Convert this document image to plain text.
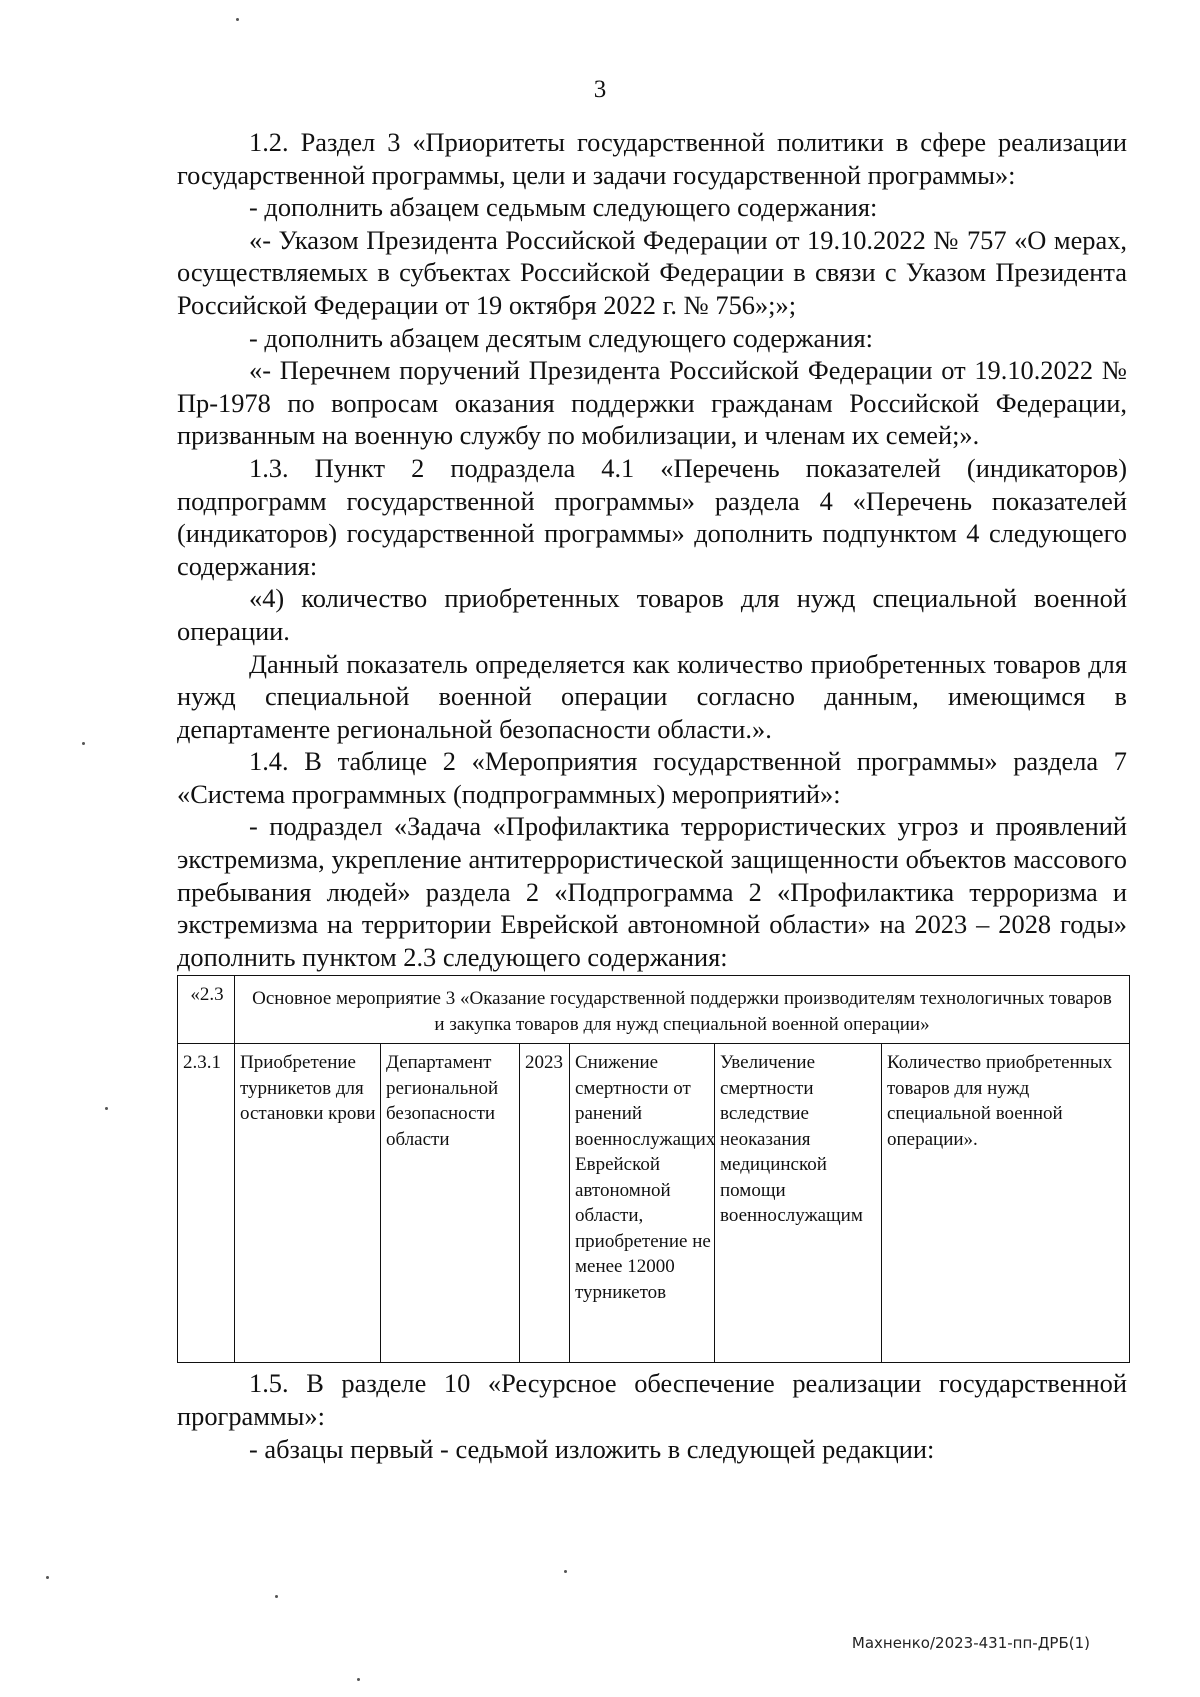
3

1.2. Раздел 3 «Приоритеты государственной политики в сфере реализации государственной программы, цели и задачи государственной программы»:

- дополнить абзацем седьмым следующего содержания:

«- Указом Президента Российской Федерации от 19.10.2022 № 757 «О мерах, осуществляемых в субъектах Российской Федерации в связи с Указом Президента Российской Федерации от 19 октября 2022 г. № 756»;»;

- дополнить абзацем десятым следующего содержания:

«- Перечнем поручений Президента Российской Федерации от 19.10.2022 № Пр-1978 по вопросам оказания поддержки гражданам Российской Федерации, призванным на военную службу по мобилизации, и членам их семей;».

1.3. Пункт 2 подраздела 4.1 «Перечень показателей (индикаторов) подпрограмм государственной программы» раздела 4 «Перечень показателей (индикаторов) государственной программы» дополнить подпунктом 4 следующего содержания:

«4) количество приобретенных товаров для нужд специальной военной операции.

Данный показатель определяется как количество приобретенных товаров для нужд специальной военной операции согласно данным, имеющимся в департаменте региональной безопасности области.».

1.4. В таблице 2 «Мероприятия государственной программы» раздела 7 «Система программных (подпрограммных) мероприятий»:

- подраздел «Задача «Профилактика террористических угроз и проявлений экстремизма, укрепление антитеррористической защищенности объектов массового пребывания людей» раздела 2 «Подпрограмма 2 «Профилактика терроризма и экстремизма на территории Еврейской автономной области» на 2023 – 2028 годы» дополнить пунктом 2.3 следующего содержания:

«2.3	Основное мероприятие 3 «Оказание государственной поддержки производителям технологичных товаров и закупка товаров для нужд специальной военной операции»					
2.3.1	Приобретение турникетов для остановки крови	Департамент региональной безопасности области	2023	Снижение смертности от ранений военнослужащих Еврейской автономной области, приобретение не менее 12000 турникетов	Увеличение смертности вследствие неоказания медицинской помощи военнослужащим	Количество приобретенных товаров для нужд специальной военной операции».

1.5. В разделе 10 «Ресурсное обеспечение реализации государственной программы»:

- абзацы первый - седьмой изложить в следующей редакции:

Махненко/2023-431-пп-ДРБ(1)
